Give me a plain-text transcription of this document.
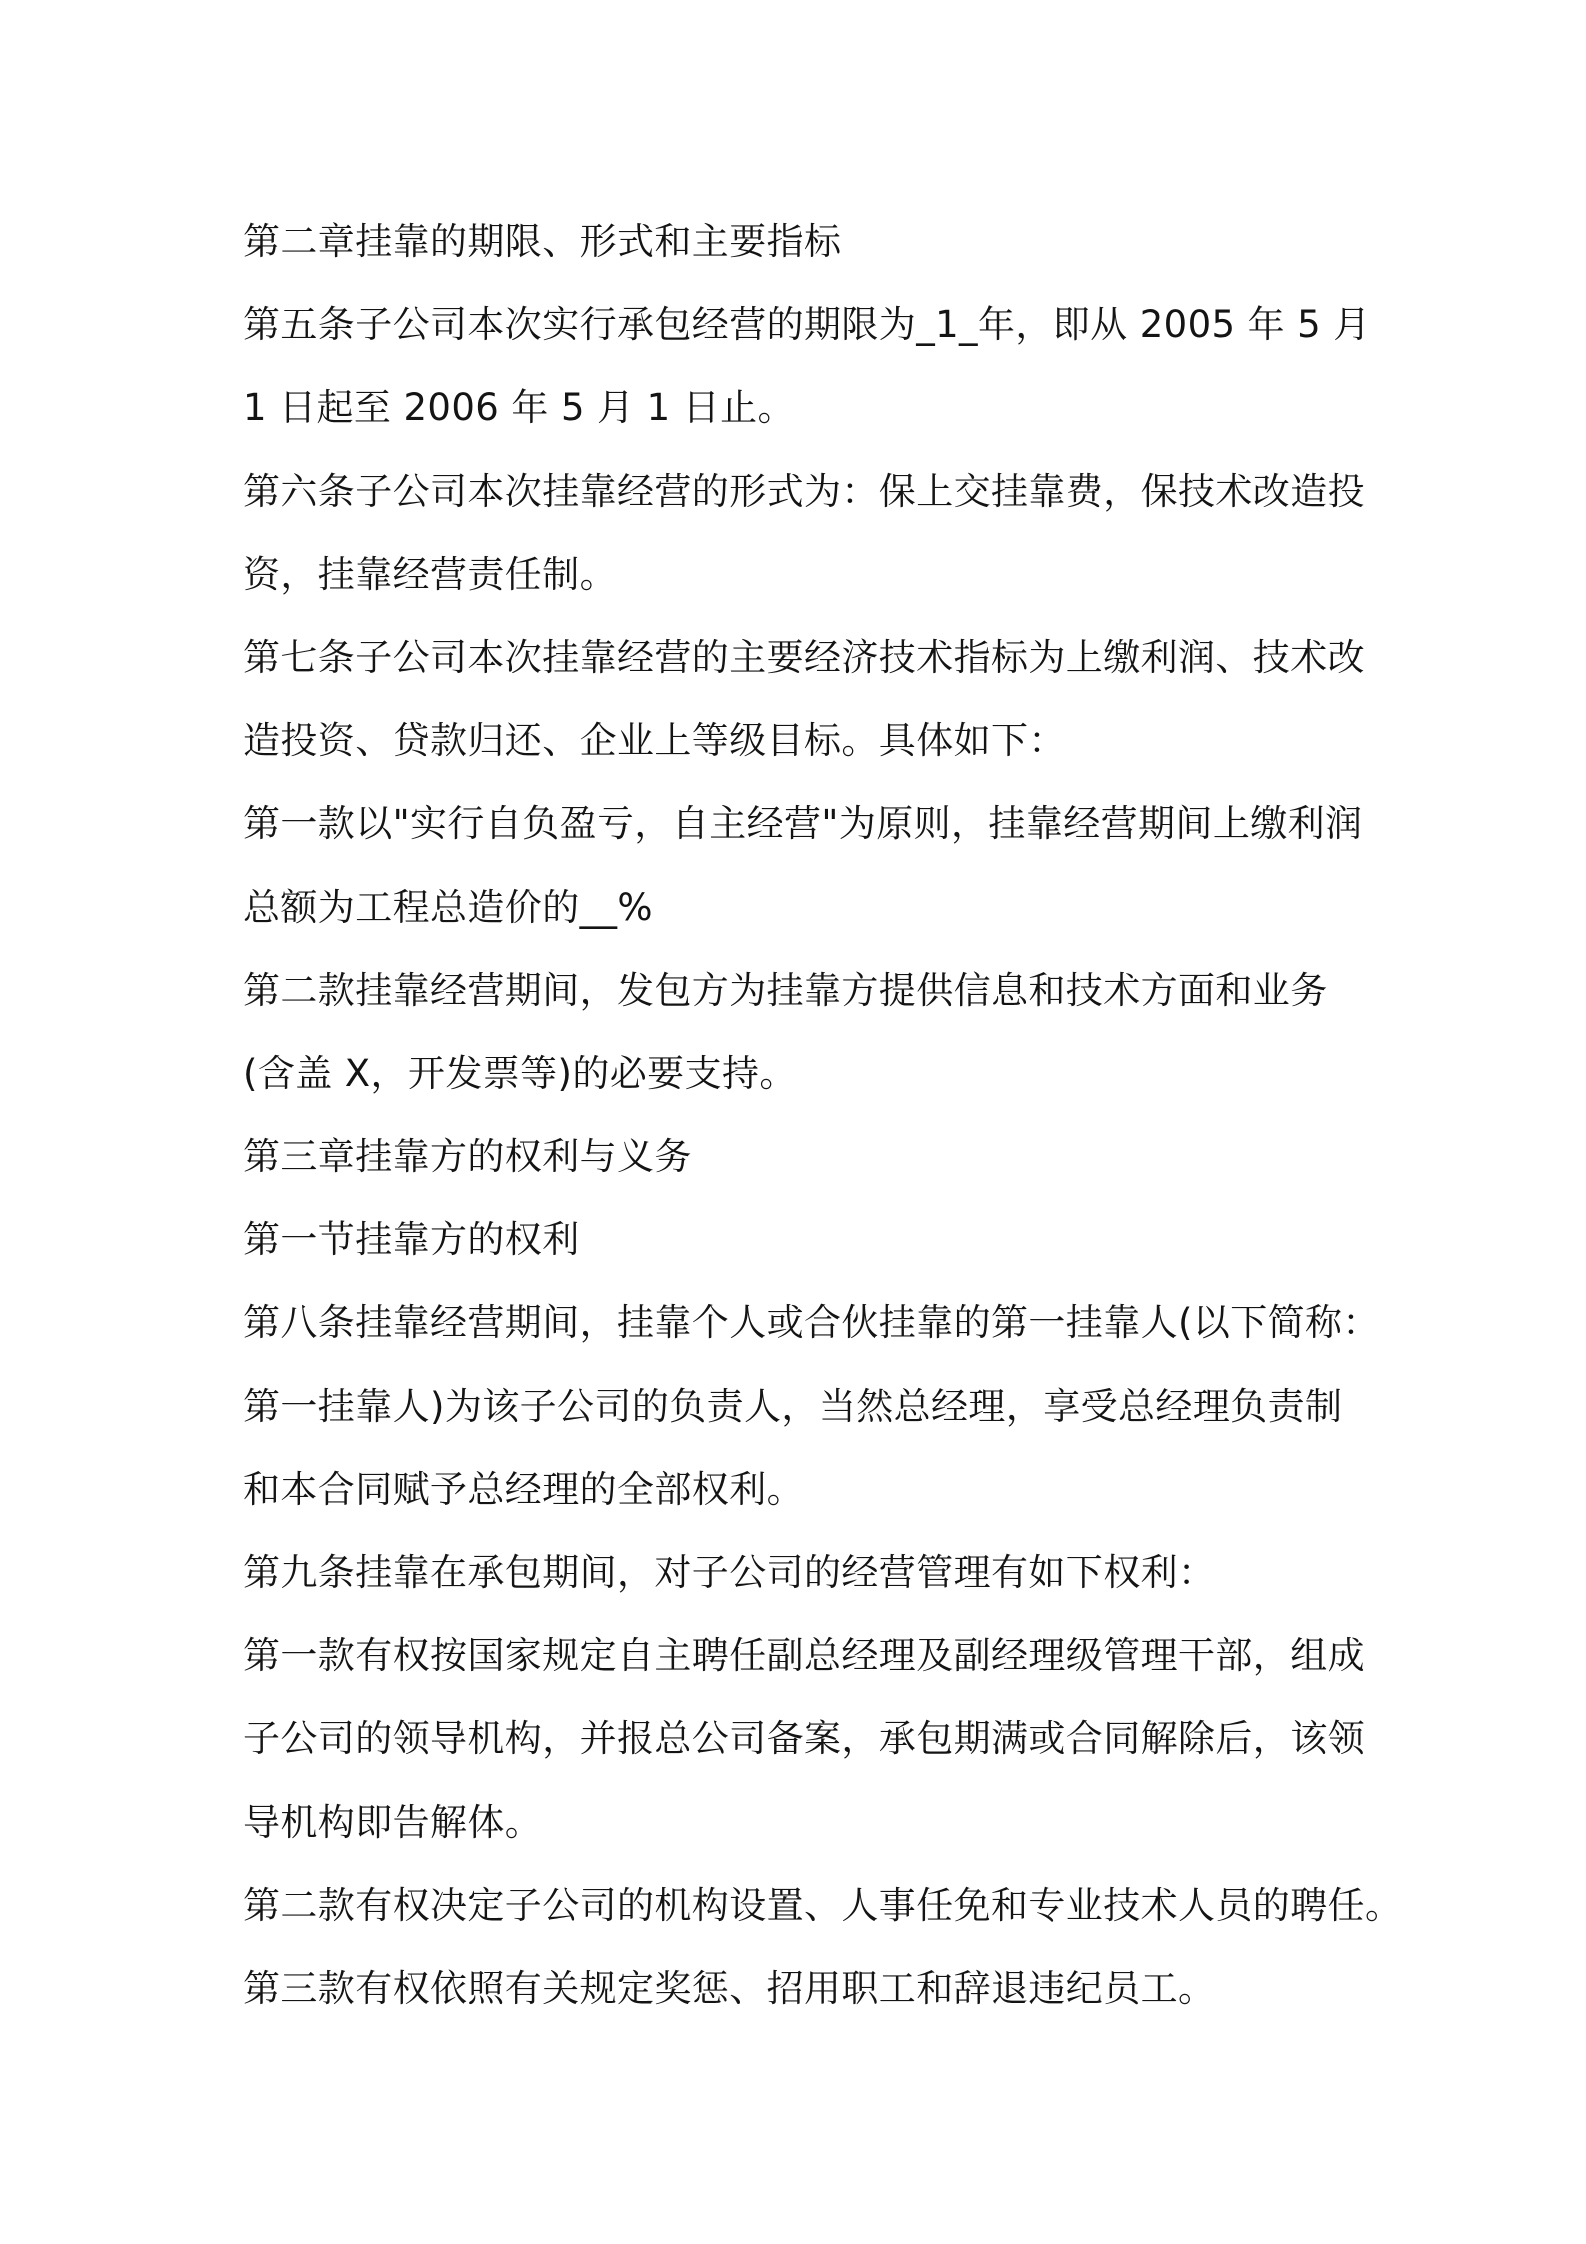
第二章挂靠的期限、形式和主要指标
第五条子公司本次实行承包经营的期限为_1_年，即从 2005 年 5 月
1 日起至 2006 年 5 月 1 日止。
第六条子公司本次挂靠经营的形式为：保上交挂靠费，保技术改造投
资，挂靠经营责任制。
第七条子公司本次挂靠经营的主要经济技术指标为上缴利润、技术改
造投资、贷款归还、企业上等级目标。具体如下：
第一款以"实行自负盈亏，自主经营"为原则，挂靠经营期间上缴利润
总额为工程总造价的__%
第二款挂靠经营期间，发包方为挂靠方提供信息和技术方面和业务
(含盖 X，开发票等)的必要支持。
第三章挂靠方的权利与义务
第一节挂靠方的权利
第八条挂靠经营期间，挂靠个人或合伙挂靠的第一挂靠人(以下简称：
第一挂靠人)为该子公司的负责人，当然总经理，享受总经理负责制
和本合同赋予总经理的全部权利。
第九条挂靠在承包期间，对子公司的经营管理有如下权利：
第一款有权按国家规定自主聘任副总经理及副经理级管理干部，组成
子公司的领导机构，并报总公司备案，承包期满或合同解除后，该领
导机构即告解体。
第二款有权决定子公司的机构设置、人事任免和专业技术人员的聘任。
第三款有权依照有关规定奖惩、招用职工和辞退违纪员工。
